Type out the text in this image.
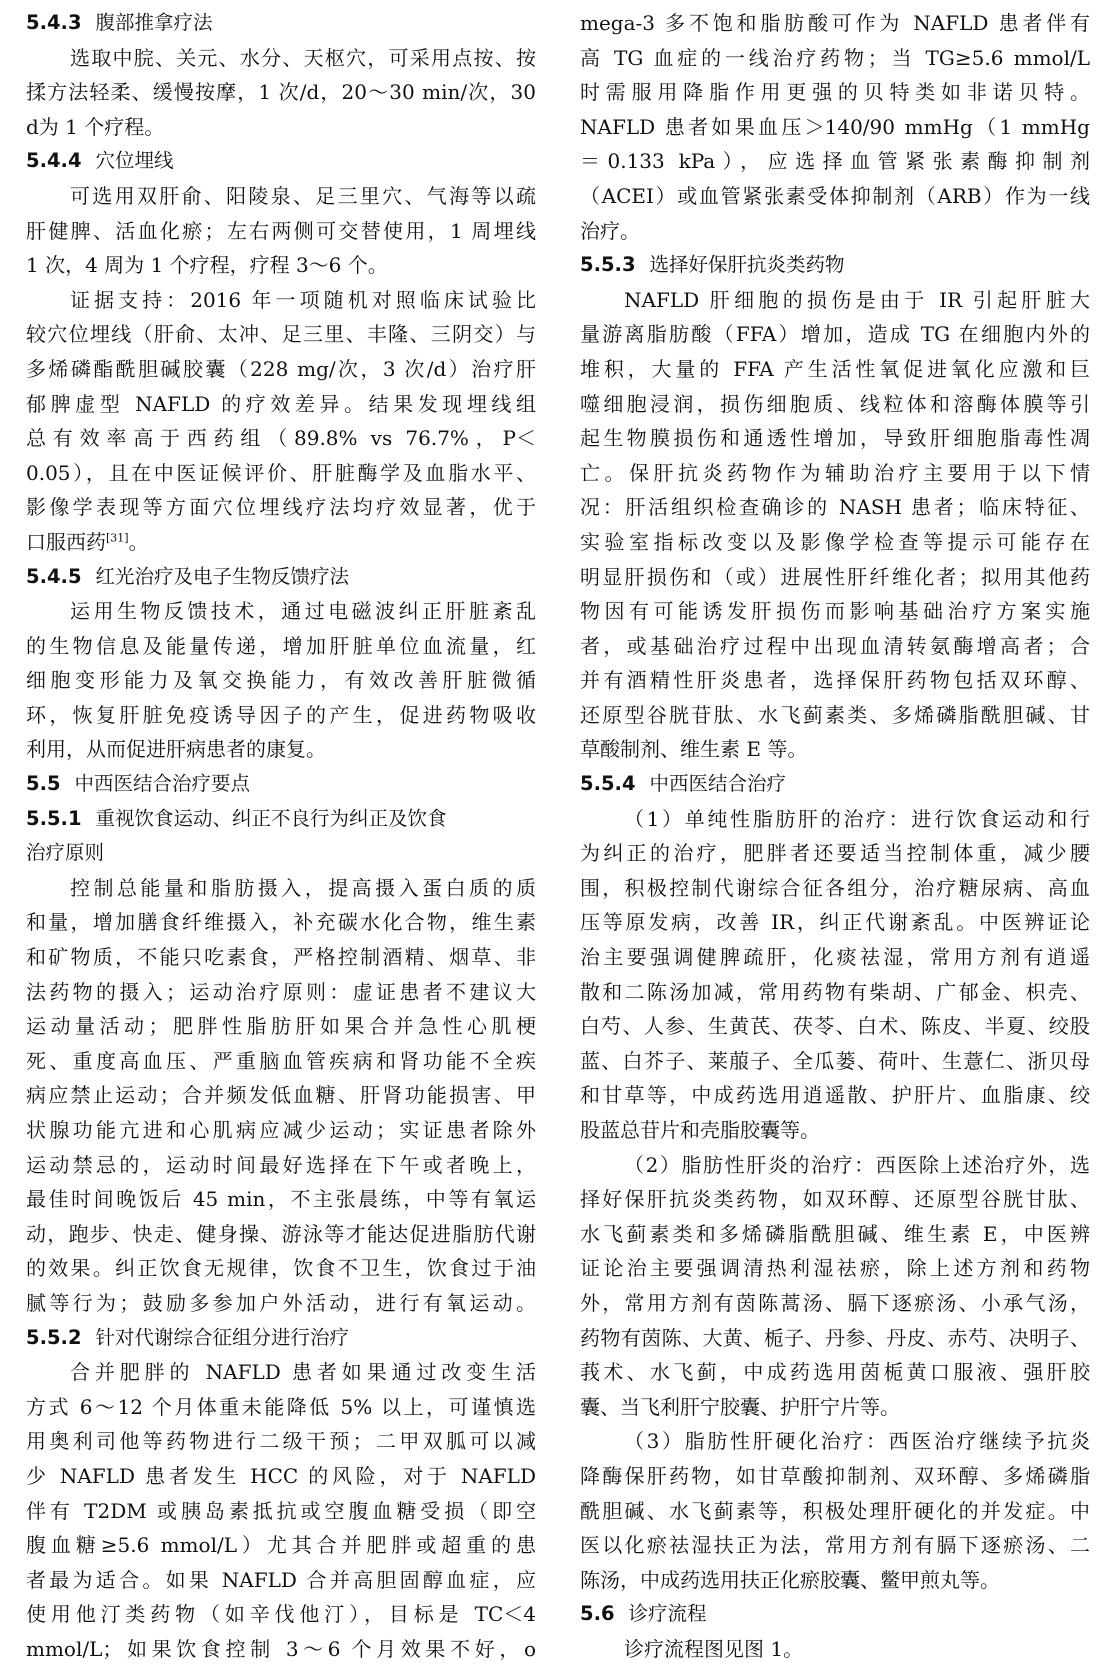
5.4.3 腹部推拿疗法
选取中脘、关元、水分、天枢穴，可采用点按、按
揉方法轻柔、缓慢按摩，1 次/d，20～30 min/次，30
d为 1 个疗程。
5.4.4 穴位埋线
可选用双肝俞、阳陵泉、足三里穴、气海等以疏
肝健脾、活血化瘀；左右两侧可交替使用，1 周埋线
1 次，4 周为 1 个疗程，疗程 3～6 个。
证据支持：2016 年一项随机对照临床试验比
较穴位埋线（肝俞、太冲、足三里、丰隆、三阴交）与
多烯磷酯酰胆碱胶囊（228 mg/次，3 次/d）治疗肝
郁脾虚型 NAFLD 的疗效差异。结果发现埋线组
总有效率高于西药组（89.8% vs 76.7%，P＜
0.05），且在中医证候评价、肝脏酶学及血脂水平、
影像学表现等方面穴位埋线疗法均疗效显著，优于
口服西药[31]。
5.4.5 红光治疗及电子生物反馈疗法
运用生物反馈技术，通过电磁波纠正肝脏紊乱
的生物信息及能量传递，增加肝脏单位血流量，红
细胞变形能力及氧交换能力，有效改善肝脏微循
环，恢复肝脏免疫诱导因子的产生，促进药物吸收
利用，从而促进肝病患者的康复。
5.5 中西医结合治疗要点
5.5.1 重视饮食运动、纠正不良行为纠正及饮食
治疗原则
控制总能量和脂肪摄入，提高摄入蛋白质的质
和量，增加膳食纤维摄入，补充碳水化合物，维生素
和矿物质，不能只吃素食，严格控制酒精、烟草、非
法药物的摄入；运动治疗原则：虚证患者不建议大
运动量活动；肥胖性脂肪肝如果合并急性心肌梗
死、重度高血压、严重脑血管疾病和肾功能不全疾
病应禁止运动；合并频发低血糖、肝肾功能损害、甲
状腺功能亢进和心肌病应减少运动；实证患者除外
运动禁忌的，运动时间最好选择在下午或者晚上，
最佳时间晚饭后 45 min，不主张晨练，中等有氧运
动，跑步、快走、健身操、游泳等才能达促进脂肪代谢
的效果。纠正饮食无规律，饮食不卫生，饮食过于油
腻等行为；鼓励多参加户外活动，进行有氧运动。
5.5.2 针对代谢综合征组分进行治疗
合并肥胖的 NAFLD 患者如果通过改变生活
方式 6～12 个月体重未能降低 5% 以上，可谨慎选
用奥利司他等药物进行二级干预；二甲双胍可以减
少 NAFLD 患者发生 HCC 的风险，对于 NAFLD
伴有 T2DM 或胰岛素抵抗或空腹血糖受损（即空
腹血糖≥5.6 mmol/L）尤其合并肥胖或超重的患
者最为适合。如果 NAFLD 合并高胆固醇血症，应
使用他汀类药物（如辛伐他汀），目标是 TC＜4
mmol/L；如果饮食控制 3～6 个月效果不好，o
mega-3 多不饱和脂肪酸可作为 NAFLD 患者伴有
高 TG 血症的一线治疗药物；当 TG≥5.6 mmol/L
时需服用降脂作用更强的贝特类如非诺贝特。
NAFLD 患者如果血压＞140/90 mmHg（1 mmHg
＝0.133 kPa），应选择血管紧张素酶抑制剂
（ACEI）或血管紧张素受体抑制剂（ARB）作为一线
治疗。
5.5.3 选择好保肝抗炎类药物
NAFLD 肝细胞的损伤是由于 IR 引起肝脏大
量游离脂肪酸（FFA）增加，造成 TG 在细胞内外的
堆积，大量的 FFA 产生活性氧促进氧化应激和巨
噬细胞浸润，损伤细胞质、线粒体和溶酶体膜等引
起生物膜损伤和通透性增加，导致肝细胞脂毒性凋
亡。保肝抗炎药物作为辅助治疗主要用于以下情
况：肝活组织检查确诊的 NASH 患者；临床特征、
实验室指标改变以及影像学检查等提示可能存在
明显肝损伤和（或）进展性肝纤维化者；拟用其他药
物因有可能诱发肝损伤而影响基础治疗方案实施
者，或基础治疗过程中出现血清转氨酶增高者；合
并有酒精性肝炎患者，选择保肝药物包括双环醇、
还原型谷胱苷肽、水飞蓟素类、多烯磷脂酰胆碱、甘
草酸制剂、维生素 E 等。
5.5.4 中西医结合治疗
（1）单纯性脂肪肝的治疗：进行饮食运动和行
为纠正的治疗，肥胖者还要适当控制体重，减少腰
围，积极控制代谢综合征各组分，治疗糖尿病、高血
压等原发病，改善 IR，纠正代谢紊乱。中医辨证论
治主要强调健脾疏肝，化痰祛湿，常用方剂有逍遥
散和二陈汤加减，常用药物有柴胡、广郁金、枳壳、
白芍、人参、生黄芪、茯苓、白术、陈皮、半夏、绞股
蓝、白芥子、莱菔子、全瓜蒌、荷叶、生薏仁、浙贝母
和甘草等，中成药选用逍遥散、护肝片、血脂康、绞
股蓝总苷片和壳脂胶囊等。
（2）脂肪性肝炎的治疗：西医除上述治疗外，选
择好保肝抗炎类药物，如双环醇、还原型谷胱甘肽、
水飞蓟素类和多烯磷脂酰胆碱、维生素 E，中医辨
证论治主要强调清热利湿祛瘀，除上述方剂和药物
外，常用方剂有茵陈蒿汤、膈下逐瘀汤、小承气汤，
药物有茵陈、大黄、栀子、丹参、丹皮、赤芍、决明子、
莪术、水飞蓟，中成药选用茵栀黄口服液、强肝胶
囊、当飞利肝宁胶囊、护肝宁片等。
（3）脂肪性肝硬化治疗：西医治疗继续予抗炎
降酶保肝药物，如甘草酸抑制剂、双环醇、多烯磷脂
酰胆碱、水飞蓟素等，积极处理肝硬化的并发症。中
医以化瘀祛湿扶正为法，常用方剂有膈下逐瘀汤、二
陈汤，中成药选用扶正化瘀胶囊、鳖甲煎丸等。
5.6 诊疗流程
诊疗流程图见图 1。
